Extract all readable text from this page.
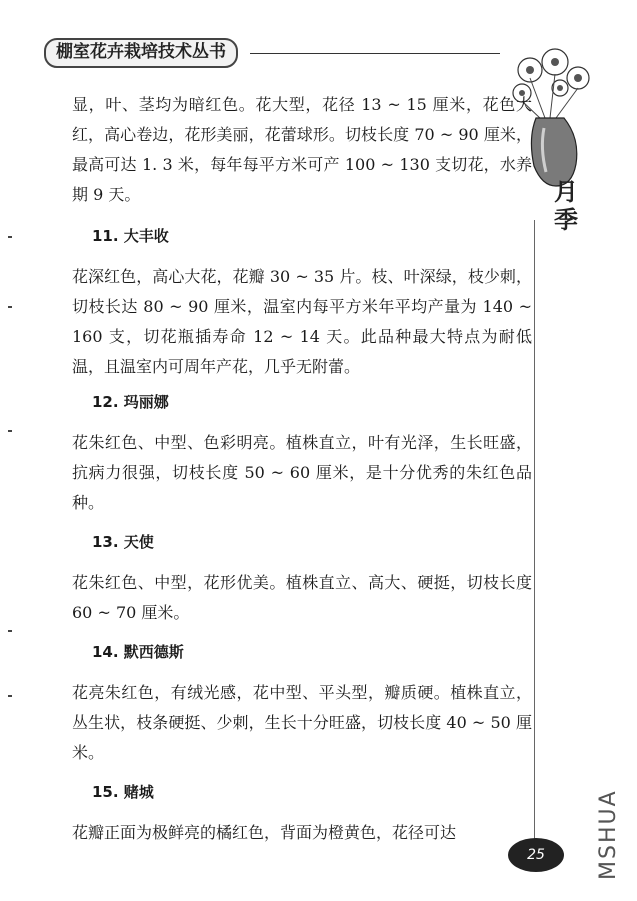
棚室花卉栽培技术丛书
月季

显，叶、茎均为暗红色。花大型，花径 13 ~ 15 厘米，花色大红，高心卷边，花形美丽，花蕾球形。切枝长度 70 ~ 90 厘米，最高可达 1. 3 米，每年每平方米可产 100 ~ 130 支切花，水养期 9 天。

11. 大丰收

花深红色，高心大花，花瓣 30 ~ 35 片。枝、叶深绿，枝少刺，切枝长达 80 ~ 90 厘米，温室内每平方米年平均产量为 140 ~ 160 支，切花瓶插寿命 12 ~ 14 天。此品种最大特点为耐低温，且温室内可周年产花，几乎无附蕾。

12. 玛丽娜

花朱红色、中型、色彩明亮。植株直立，叶有光泽，生长旺盛，抗病力很强，切枝长度 50 ~ 60 厘米，是十分优秀的朱红色品种。

13. 天使

花朱红色、中型，花形优美。植株直立、高大、硬挺，切枝长度 60 ~ 70 厘米。

14. 默西德斯

花亮朱红色，有绒光感，花中型、平头型，瓣质硬。植株直立，丛生状，枝条硬挺、少刺，生长十分旺盛，切枝长度 40 ~ 50 厘米。

15. 赌城

花瓣正面为极鲜亮的橘红色，背面为橙黄色，花径可达

25	MSHUA
